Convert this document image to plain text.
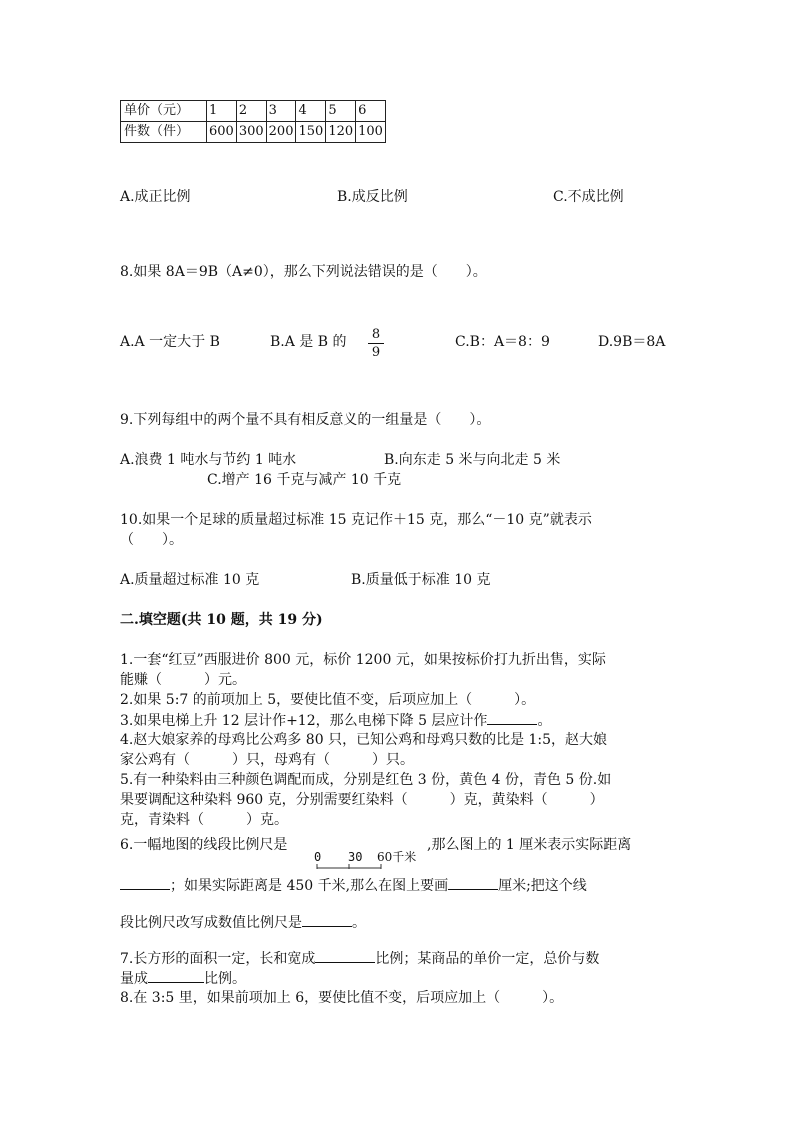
单价（元）	1	2	3	4	5	6
件数（件）	600	300	200	150	120	100
A.成正比例	B.成反比例	C.不成比例
8.如果 8A＝9B（A≠0），那么下列说法错误的是（　　）。
A.A 一定大于 B	B.A 是 B 的 $\frac{8}{9}$	C.B：A＝8：9	D.9B＝8A
9.下列每组中的两个量不具有相反意义的一组量是（　　）。
A.浪费 1 吨水与节约 1 吨水	B.向东走 5 米与向北走 5 米
C.增产 16 千克与减产 10 千克
10.如果一个足球的质量超过标准 15 克记作＋15 克，那么“－10 克”就表示
（　　）。
A.质量超过标准 10 克	B.质量低于标准 10 克
二.填空题(共 10 题，共 19 分)
1.一套“红豆”西服进价 800 元，标价 1200 元，如果按标价打九折出售，实际
能赚（　　　）元。
2.如果 5:7 的前项加上 5，要使比值不变，后项应加上（　　　）。
3.如果电梯上升 12 层计作+12，那么电梯下降 5 层应计作	。
4.赵大娘家养的母鸡比公鸡多 80 只，已知公鸡和母鸡只数的比是 1:5，赵大娘
家公鸡有（　　　）只，母鸡有（　　　）只。
5.有一种染料由三种颜色调配而成，分别是红色 3 份，黄色 4 份，青色 5 份.如
果要调配这种染料 960 克，分别需要红染料（　　　）克，黄染料（　　　）
克，青染料（　　　）克。
6.一幅地图的线段比例尺是	,那么图上的 1 厘米表示实际距离
0 30 60千米
；如果实际距离是 450 千米,那么在图上要画	厘米;把这个线
段比例尺改写成数值比例尺是	。
7.长方形的面积一定，长和宽成	比例；某商品的单价一定，总价与数
量成	比例。
8.在 3:5 里，如果前项加上 6，要使比值不变，后项应加上（　　　）。
